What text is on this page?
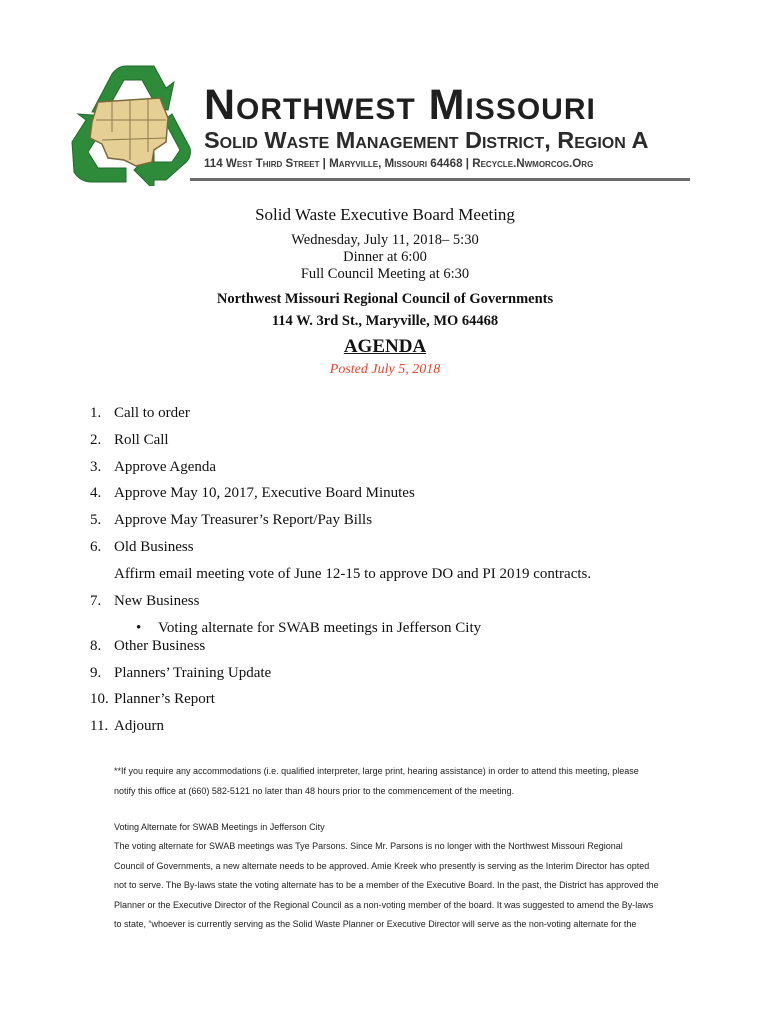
Northwest Missouri

Solid Waste Management District, Region A

114 West Third Street | Maryville, Missouri 64468 | Recycle.Nwmorcog.Org

Solid Waste Executive Board Meeting

Wednesday, July 11, 2018– 5:30

Dinner at 6:00

Full Council Meeting at 6:30

Northwest Missouri Regional Council of Governments

114 W. 3rd St., Maryville, MO 64468

AGENDA

Posted July 5, 2018

1. Call to order

2. Roll Call

3. Approve Agenda

4. Approve May 10, 2017, Executive Board Minutes

5. Approve May Treasurer’s Report/Pay Bills

6. Old Business

Affirm email meeting vote of June 12-15 to approve DO and PI 2019 contracts.

7. New Business

• Voting alternate for SWAB meetings in Jefferson City

8. Other Business

9. Planners’ Training Update

10. Planner’s Report

11. Adjourn

**If you require any accommodations (i.e. qualified interpreter, large print, hearing assistance) in order to attend this meeting, please
notify this office at (660) 582-5121 no later than 48 hours prior to the commencement of the meeting.
Voting Alternate for SWAB Meetings in Jefferson City
The voting alternate for SWAB meetings was Tye Parsons. Since Mr. Parsons is no longer with the Northwest Missouri Regional
Council of Governments, a new alternate needs to be approved. Amie Kreek who presently is serving as the Interim Director has opted
not to serve. The By-laws state the voting alternate has to be a member of the Executive Board. In the past, the District has approved the
Planner or the Executive Director of the Regional Council as a non-voting member of the board. It was suggested to amend the By-laws
to state, “whoever is currently serving as the Solid Waste Planner or Executive Director will serve as the non-voting alternate for the
